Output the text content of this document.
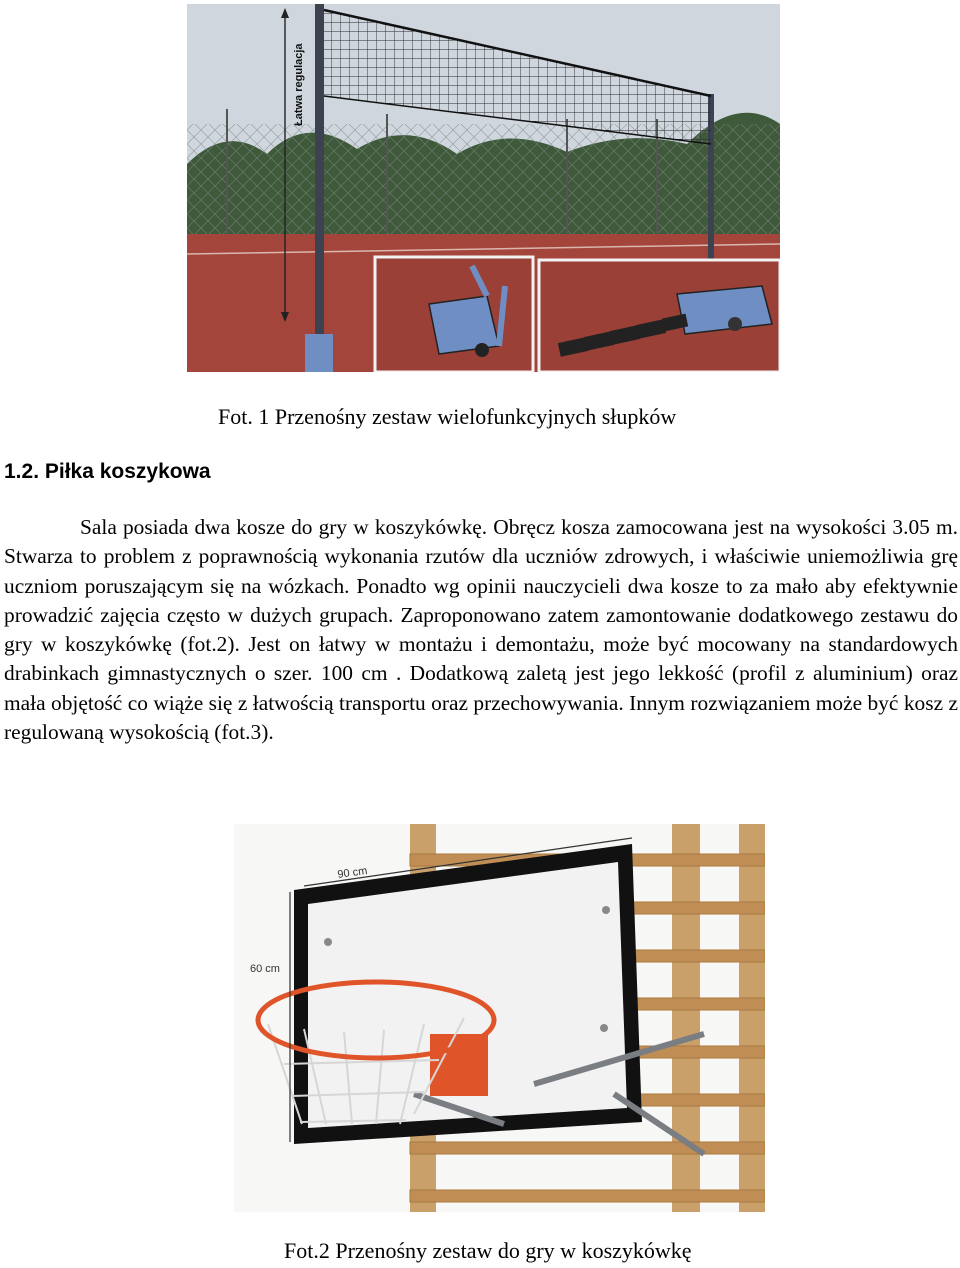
Łatwa regulacja
Fot. 1 Przenośny zestaw wielofunkcyjnych słupków
1.2. Piłka koszykowa

Sala posiada dwa kosze do gry w koszykówkę. Obręcz kosza zamocowana jest na wysokości 3.05 m. Stwarza to problem z poprawnością wykonania rzutów dla uczniów zdrowych, i właściwie uniemożliwia grę uczniom poruszającym się na wózkach. Ponadto wg opinii nauczycieli dwa kosze to za mało aby efektywnie prowadzić zajęcia często w dużych grupach. Zaproponowano zatem zamontowanie dodatkowego zestawu do gry w koszykówkę (fot.2). Jest on łatwy w montażu i demontażu, może być mocowany na standardowych drabinkach gimnastycznych o szer. 100 cm . Dodatkową zaletą jest jego lekkość (profil z aluminium) oraz mała objętość co wiąże się z łatwością transportu oraz przechowywania. Innym rozwiązaniem może być kosz z regulowaną wysokością (fot.3).

90 cm
60 cm
Fot.2 Przenośny zestaw do gry w koszykówkę
